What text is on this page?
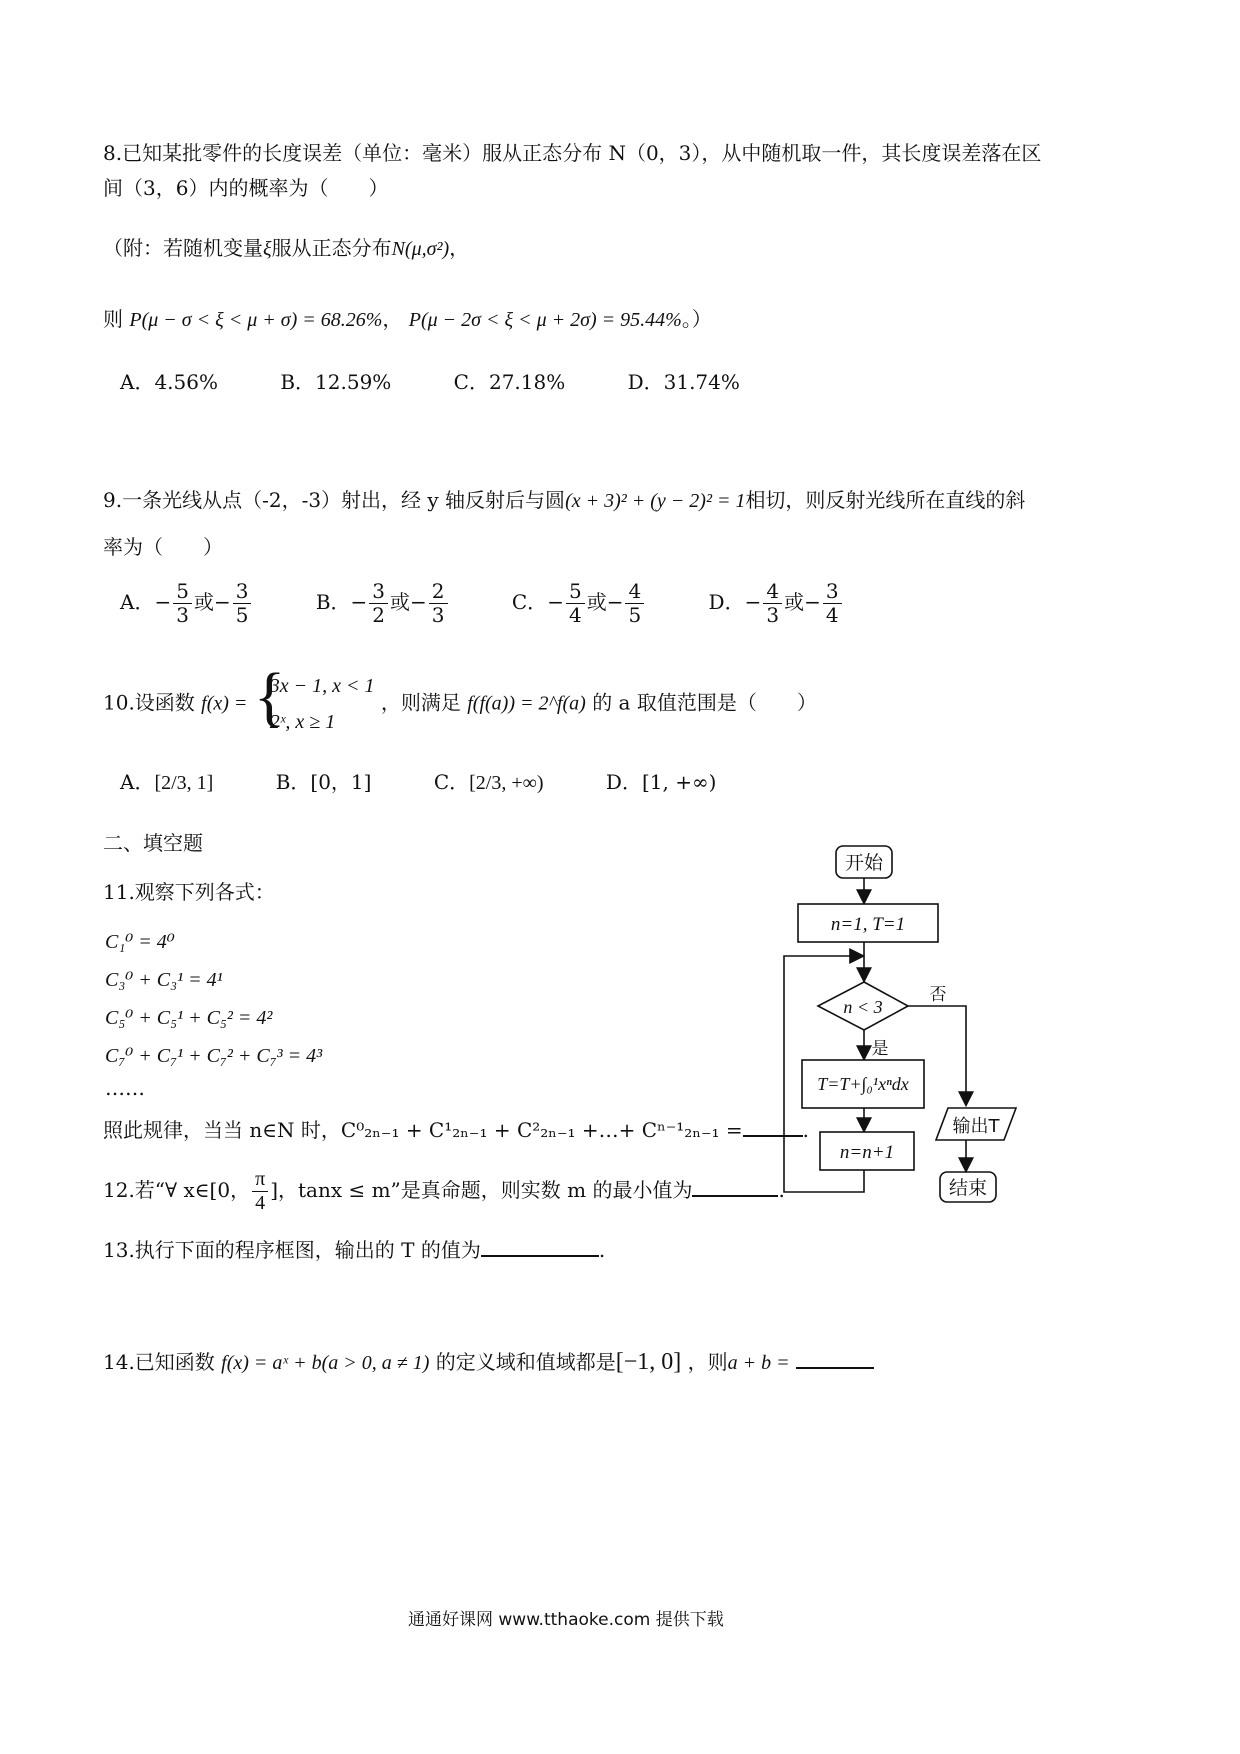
8.已知某批零件的长度误差（单位：毫米）服从正态分布 N（0，3），从中随机取一件，其长度误差落在区
间（3，6）内的概率为（　　）
（附：若随机变量ξ服从正态分布N(μ,σ²)，
则 P(μ − σ < ξ < μ + σ) = 68.26%， P(μ − 2σ < ξ < μ + 2σ) = 95.44%。）
A．4.56%	B．12.59%	C．27.18%	D．31.74%
9.一条光线从点（-2，-3）射出，经 y 轴反射后与圆(x + 3)² + (y − 2)² = 1相切，则反射光线所在直线的斜
率为（　　）
A．− $\frac{5}{3}$ 或− $\frac{3}{5}$	B．− $\frac{3}{2}$ 或− $\frac{2}{3}$	C．− $\frac{5}{4}$ 或− $\frac{4}{5}$	D．− $\frac{4}{3}$ 或− $\frac{3}{4}$
10.设函数 f(x) = {
3x − 1, x < 1
2ˣ, x ≥ 1
，则满足 f(f(a)) = 2^f(a) 的 a 取值范围是（　　）
A．[2/3, 1]	B．[0，1]	C．[2/3, +∞)	D．[1, +∞)
二、填空题
11.观察下列各式：
C₁⁰ = 4⁰
C₃⁰ + C₃¹ = 4¹
C₅⁰ + C₅¹ + C₅² = 4²
C₇⁰ + C₇¹ + C₇² + C₇³ = 4³
……
照此规律，当当 n∈N 时，C⁰₂ₙ₋₁ + C¹₂ₙ₋₁ + C²₂ₙ₋₁ +…+ Cⁿ⁻¹₂ₙ₋₁ =	.
12.若“∀ x∈[0， $\frac{\pi}{4}$ ]，tanx ≤ m”是真命题，则实数 m 的最小值为	.
13.执行下面的程序框图，输出的 T 的值为	.
14.已知函数 f(x) = aˣ + b(a > 0, a ≠ 1) 的定义域和值域都是[−1, 0] ，则a + b =
开始
n=1, T=1
n < 3
是
否
T=T+∫₀¹xⁿdx
n=n+1
输出T
结束
通通好课网 www.tthaoke.com 提供下载
